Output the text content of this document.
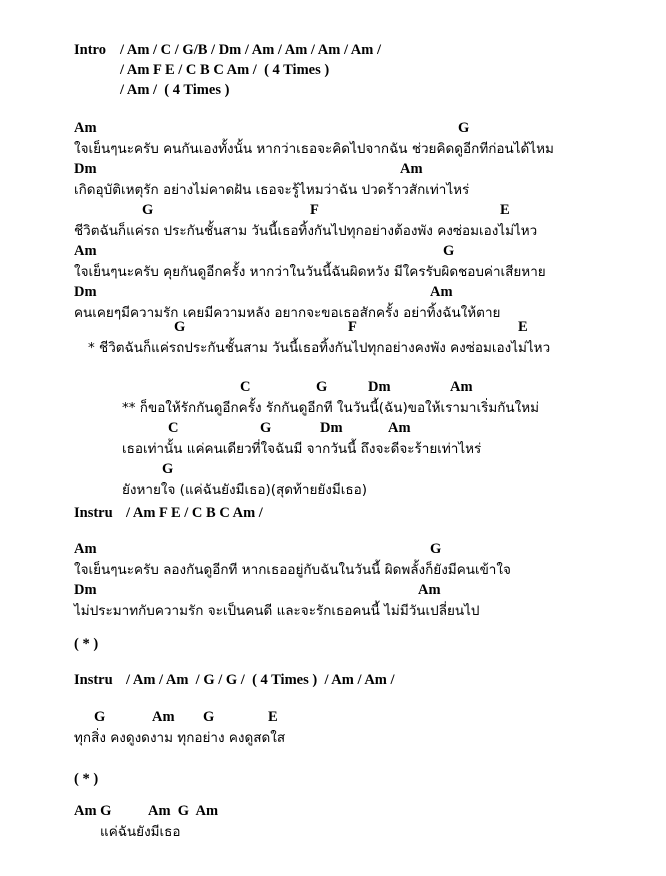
Intro / Am / C / G/B / Dm / Am / Am / Am / Am /
/ Am F E / C B C Am /  ( 4 Times )
/ Am /  ( 4 Times )
Am	G
ใจเย็นๆนะครับ คนกันเองทั้งนั้น หากว่าเธอจะคิดไปจากฉัน ช่วยคิดดูอีกทีก่อนได้ไหม
Dm	Am
เกิดอุบัติเหตุรัก อย่างไม่คาดฝัน เธอจะรู้ไหมว่าฉัน ปวดร้าวสักเท่าไหร่
G	F	E
ชีวิตฉันก็แค่รถ ประกันชั้นสาม วันนี้เธอทิ้งกันไปทุกอย่างต้องพัง คงซ่อมเองไม่ไหว
Am	G
ใจเย็นๆนะครับ คุยกันดูอีกครั้ง หากว่าในวันนี้ฉันผิดหวัง มีใครรับผิดชอบค่าเสียหาย
Dm	Am
คนเคยๆมีความรัก เคยมีความหลัง อยากจะขอเธอสักครั้ง อย่าทิ้งฉันให้ตาย
G	F	E
* ชีวิตฉันก็แค่รถประกันชั้นสาม วันนี้เธอทิ้งกันไปทุกอย่างคงพัง คงซ่อมเองไม่ไหว
C	G	Dm	Am
** ก็ขอให้รักกันดูอีกครั้ง รักกันดูอีกที ในวันนี้(ฉัน)ขอให้เรามาเริ่มกันใหม่
C	G	Dm	Am
เธอเท่านั้น แค่คนเดียวที่ใจฉันมี จากวันนี้ ถึงจะดีจะร้ายเท่าไหร่
G
ยังหายใจ (แค่ฉันยังมีเธอ)(สุดท้ายยังมีเธอ)
Instru / Am F E / C B C Am /
Am	G
ใจเย็นๆนะครับ ลองกันดูอีกที หากเธออยู่กับฉันในวันนี้ ผิดพลั้งก็ยังมีคนเข้าใจ
Dm	Am
ไม่ประมาทกับความรัก จะเป็นคนดี และจะรักเธอคนนี้ ไม่มีวันเปลี่ยนไป
( * )
Instru / Am / Am  / G / G /  ( 4 Times )  / Am / Am /
G	Am G	E
ทุกสิ่ง คงดูงดงาม ทุกอย่าง คงดูสดใส
( * )
Am G	Am  G  Am
แค่ฉันยังมีเธอ
